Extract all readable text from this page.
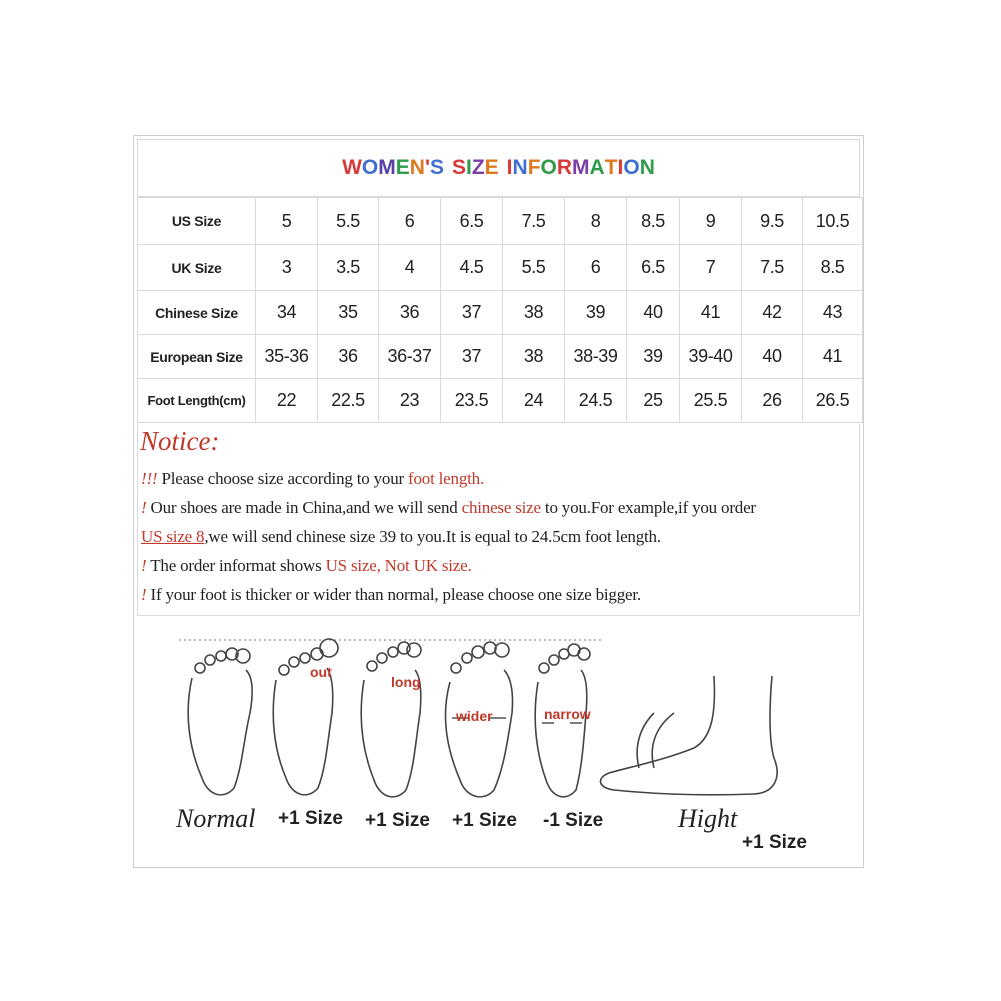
W O M E N ' S S I Z E I N F O R M A T I O N
US Size	5	5.5	6	6.5	7.5	8	8.5	9	9.5	10.5
UK Size	3	3.5	4	4.5	5.5	6	6.5	7	7.5	8.5
Chinese Size	34	35	36	37	38	39	40	41	42	43
European Size	35-36	36	36-37	37	38	38-39	39	39-40	40	41
Foot Length(cm)	22	22.5	23	23.5	24	24.5	25	25.5	26	26.5
Notice:
!!! Please choose size according to your foot length.
! Our shoes are made in China,and we will send chinese size to you.For example,if you order
US size 8,we will send chinese size 39 to you.It is equal to 24.5cm foot length.
! The order informat shows US size, Not UK size.
! If your foot is thicker or wider than normal, please choose one size bigger.
out
long
wider	narrow
Normal +1 Size +1 Size +1 Size -1 Size	Hight
+1 Size
